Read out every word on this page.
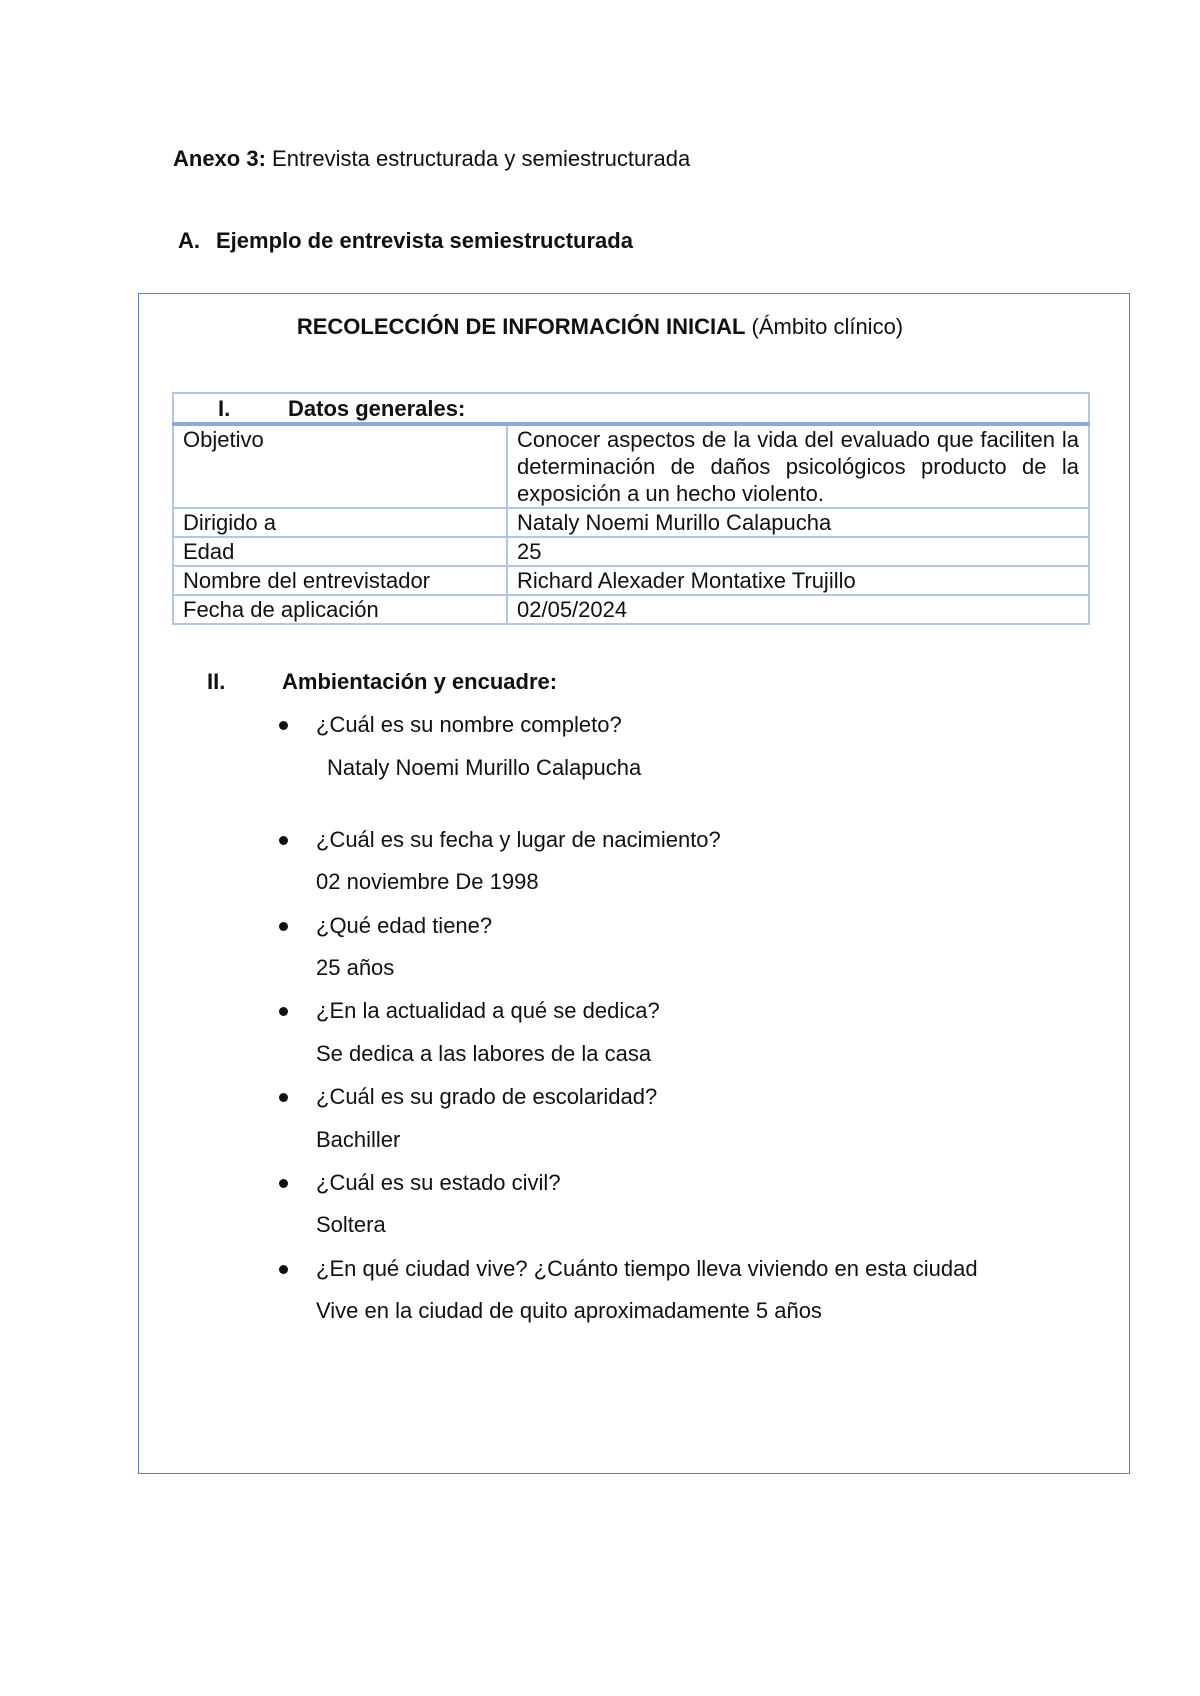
Anexo 3: Entrevista estructurada y semiestructurada
A. Ejemplo de entrevista semiestructurada
RECOLECCIÓN DE INFORMACIÓN INICIAL (Ámbito clínico)
I. Datos generales:	
Objetivo	Conocer aspectos de la vida del evaluado que faciliten la determinación de daños psicológicos producto de la exposición a un hecho violento.
Dirigido a	Nataly Noemi Murillo Calapucha
Edad	25
Nombre del entrevistador	Richard Alexader Montatixe Trujillo
Fecha de aplicación	02/05/2024
II.	Ambientación y encuadre:
¿Cuál es su nombre completo?
Nataly Noemi Murillo Calapucha
¿Cuál es su fecha y lugar de nacimiento?
02 noviembre De 1998
¿Qué edad tiene?
25 años
¿En la actualidad a qué se dedica?
Se dedica a las labores de la casa
¿Cuál es su grado de escolaridad?
Bachiller
¿Cuál es su estado civil?
Soltera
¿En qué ciudad vive? ¿Cuánto tiempo lleva viviendo en esta ciudad
Vive en la ciudad de quito aproximadamente 5 años
